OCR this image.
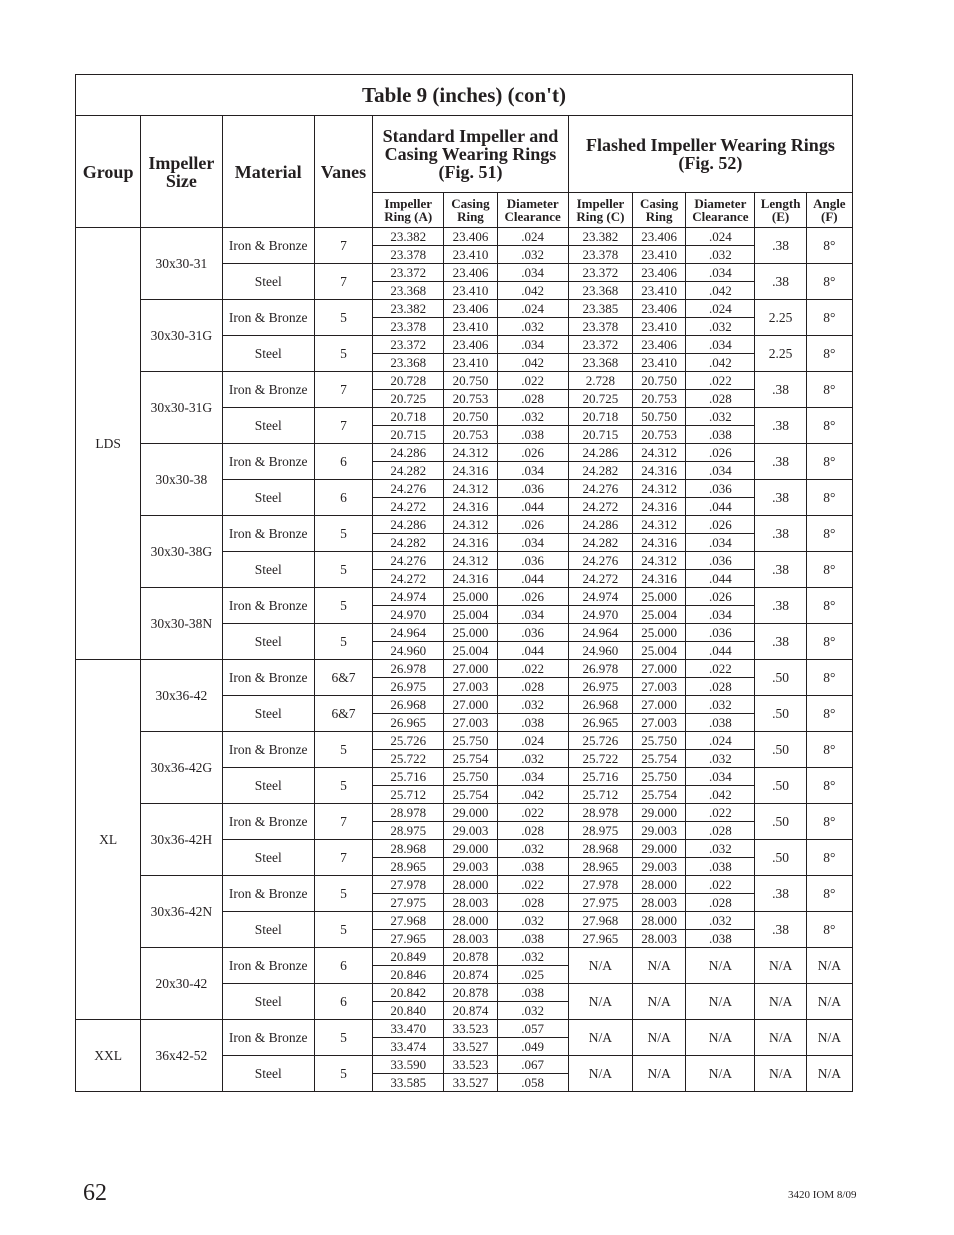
Table 9 (inches) (con't)											
Group	Impeller Size	Material	Vanes	Standard Impeller and Casing Wearing Rings (Fig. 51)			Flashed Impeller Wearing Rings (Fig. 52)				
				Impeller Ring (A)	Casing Ring	Diameter Clearance	Impeller Ring (C)	Casing Ring	Diameter Clearance	Length (E)	Angle (F)
LDS	30x30-31	Iron & Bronze	7	23.382	23.406	.024	23.382	23.406	.024	.38	8°
				23.378	23.410	.032	23.378	23.410	.032		
		Steel	7	23.372	23.406	.034	23.372	23.406	.034	.38	8°
				23.368	23.410	.042	23.368	23.410	.042		
	30x30-31G	Iron & Bronze	5	23.382	23.406	.024	23.385	23.406	.024	2.25	8°
				23.378	23.410	.032	23.378	23.410	.032		
		Steel	5	23.372	23.406	.034	23.372	23.406	.034	2.25	8°
				23.368	23.410	.042	23.368	23.410	.042		
	30x30-31G	Iron & Bronze	7	20.728	20.750	.022	2.728	20.750	.022	.38	8°
				20.725	20.753	.028	20.725	20.753	.028		
		Steel	7	20.718	20.750	.032	20.718	50.750	.032	.38	8°
				20.715	20.753	.038	20.715	20.753	.038		
	30x30-38	Iron & Bronze	6	24.286	24.312	.026	24.286	24.312	.026	.38	8°
				24.282	24.316	.034	24.282	24.316	.034		
		Steel	6	24.276	24.312	.036	24.276	24.312	.036	.38	8°
				24.272	24.316	.044	24.272	24.316	.044		
	30x30-38G	Iron & Bronze	5	24.286	24.312	.026	24.286	24.312	.026	.38	8°
				24.282	24.316	.034	24.282	24.316	.034		
		Steel	5	24.276	24.312	.036	24.276	24.312	.036	.38	8°
				24.272	24.316	.044	24.272	24.316	.044		
	30x30-38N	Iron & Bronze	5	24.974	25.000	.026	24.974	25.000	.026	.38	8°
				24.970	25.004	.034	24.970	25.004	.034		
		Steel	5	24.964	25.000	.036	24.964	25.000	.036	.38	8°
				24.960	25.004	.044	24.960	25.004	.044		
XL	30x36-42	Iron & Bronze	6&7	26.978	27.000	.022	26.978	27.000	.022	.50	8°
				26.975	27.003	.028	26.975	27.003	.028		
		Steel	6&7	26.968	27.000	.032	26.968	27.000	.032	.50	8°
				26.965	27.003	.038	26.965	27.003	.038		
	30x36-42G	Iron & Bronze	5	25.726	25.750	.024	25.726	25.750	.024	.50	8°
				25.722	25.754	.032	25.722	25.754	.032		
		Steel	5	25.716	25.750	.034	25.716	25.750	.034	.50	8°
				25.712	25.754	.042	25.712	25.754	.042		
	30x36-42H	Iron & Bronze	7	28.978	29.000	.022	28.978	29.000	.022	.50	8°
				28.975	29.003	.028	28.975	29.003	.028		
		Steel	7	28.968	29.000	.032	28.968	29.000	.032	.50	8°
				28.965	29.003	.038	28.965	29.003	.038		
	30x36-42N	Iron & Bronze	5	27.978	28.000	.022	27.978	28.000	.022	.38	8°
				27.975	28.003	.028	27.975	28.003	.028		
		Steel	5	27.968	28.000	.032	27.968	28.000	.032	.38	8°
				27.965	28.003	.038	27.965	28.003	.038		
	20x30-42	Iron & Bronze	6	20.849	20.878	.032	N/A	N/A	N/A	N/A	N/A
				20.846	20.874	.025					
		Steel	6	20.842	20.878	.038	N/A	N/A	N/A	N/A	N/A
				20.840	20.874	.032					
XXL	36x42-52	Iron & Bronze	5	33.470	33.523	.057	N/A	N/A	N/A	N/A	N/A
				33.474	33.527	.049					
		Steel	5	33.590	33.523	.067	N/A	N/A	N/A	N/A	N/A
				33.585	33.527	.058					
62	3420 IOM 8/09
